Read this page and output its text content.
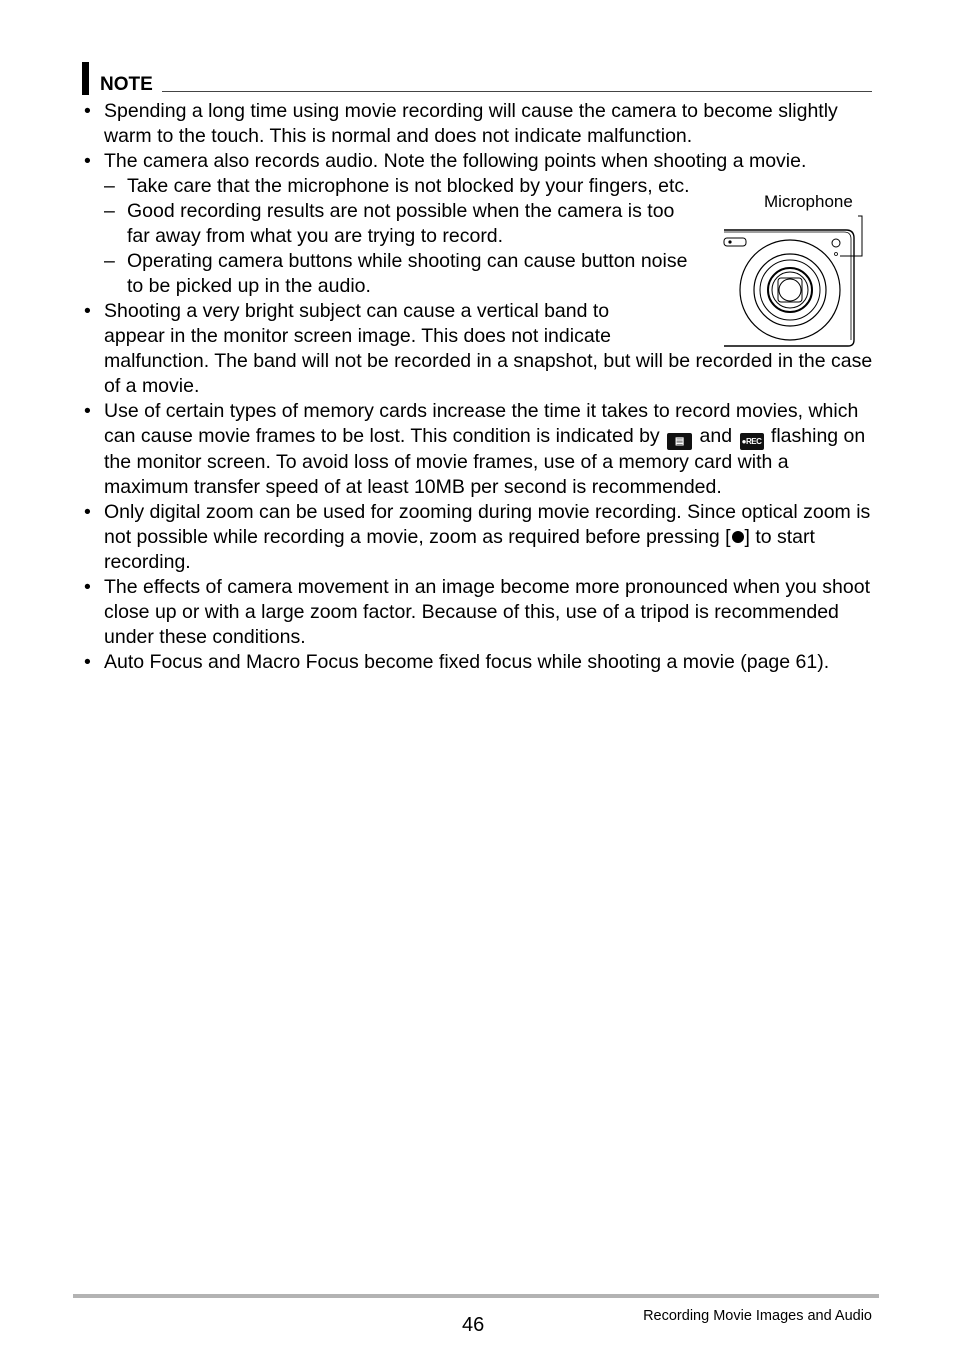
NOTE
• Spending a long time using movie recording will cause the camera to become slightly warm to the touch. This is normal and does not indicate malfunction.
• The camera also records audio. Note the following points when shooting a movie.
– Take care that the microphone is not blocked by your fingers, etc.
– Good recording results are not possible when the camera is too far away from what you are trying to record.
– Operating camera buttons while shooting can cause button noise to be picked up in the audio.
• Shooting a very bright subject can cause a vertical band to appear in the monitor screen image. This does not indicate malfunction. The band will not be recorded in a snapshot, but will be recorded in the case of a movie.
• Use of certain types of memory cards increase the time it takes to record movies, which can cause movie frames to be lost. This condition is indicated by ▤ and ●REC flashing on the monitor screen. To avoid loss of movie frames, use of a memory card with a maximum transfer speed of at least 10MB per second is recommended.
• Only digital zoom can be used for zooming during movie recording. Since optical zoom is not possible while recording a movie, zoom as required before pressing [ ] to start recording.
• The effects of camera movement in an image become more pronounced when you shoot close up or with a large zoom factor. Because of this, use of a tripod is recommended under these conditions.
• Auto Focus and Macro Focus become fixed focus while shooting a movie (page 61).
Microphone
46	Recording Movie Images and Audio
